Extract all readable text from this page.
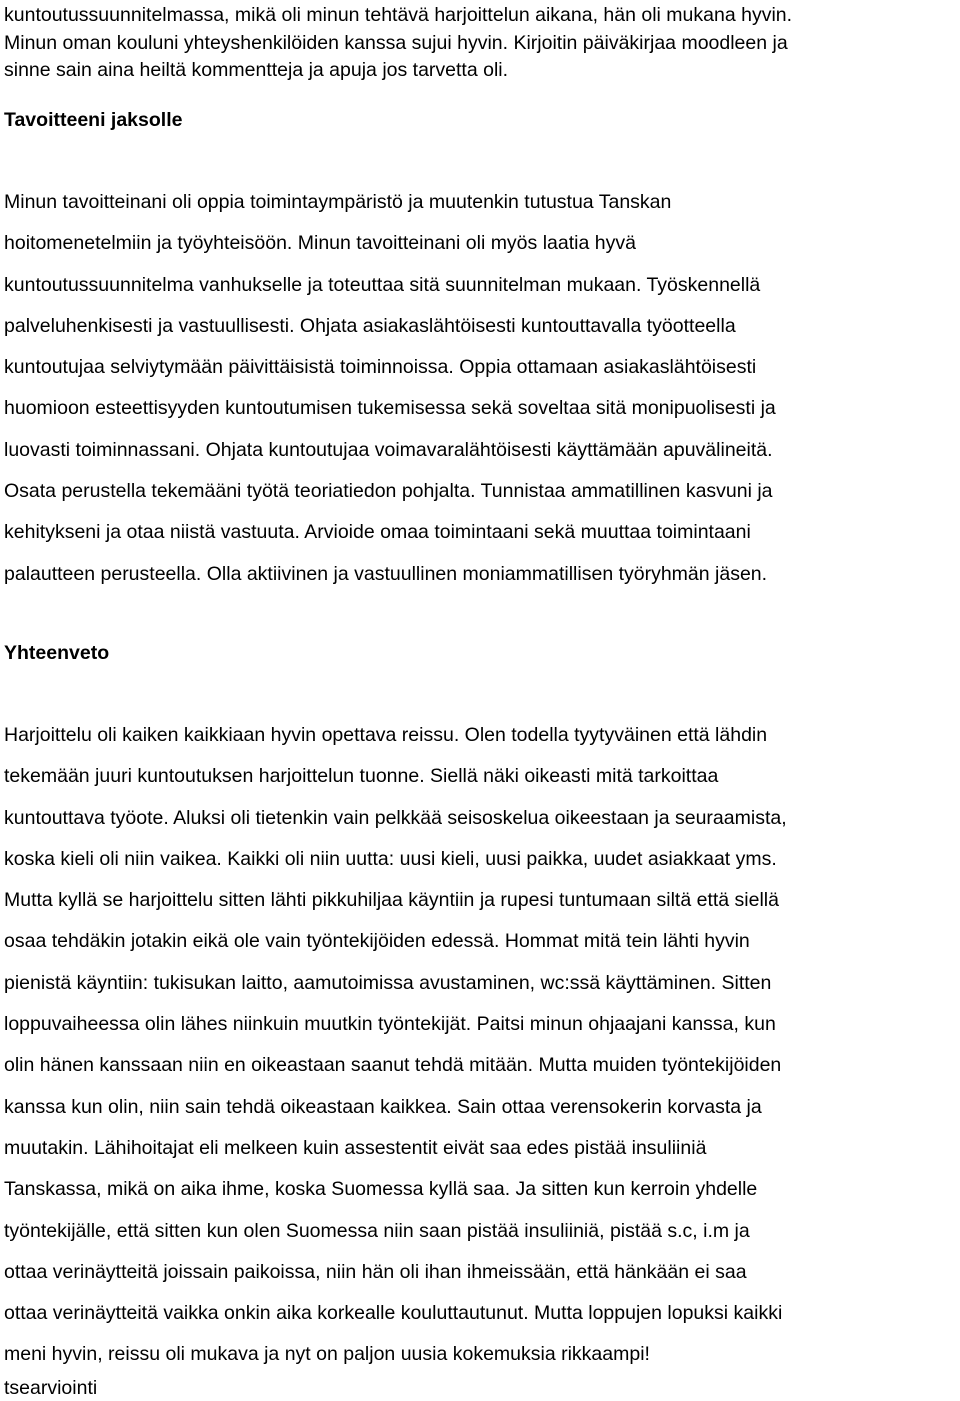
kuntoutussuunnitelmassa, mikä oli minun tehtävä harjoittelun aikana, hän oli mukana hyvin.
Minun oman kouluni yhteyshenkilöiden kanssa sujui hyvin. Kirjoitin päiväkirjaa moodleen ja
sinne sain aina heiltä kommentteja ja apuja jos tarvetta oli.

Tavoitteeni jaksolle

Minun tavoitteinani oli oppia toimintaympäristö ja muutenkin tutustua Tanskan
hoitomenetelmiin ja työyhteisöön. Minun tavoitteinani oli myös laatia hyvä
kuntoutussuunnitelma vanhukselle ja toteuttaa sitä suunnitelman mukaan. Työskennellä
palveluhenkisesti ja vastuullisesti. Ohjata asiakaslähtöisesti kuntouttavalla työotteella
kuntoutujaa selviytymään päivittäisistä toiminnoissa. Oppia ottamaan asiakaslähtöisesti
huomioon esteettisyyden kuntoutumisen tukemisessa sekä soveltaa sitä monipuolisesti ja
luovasti toiminnassani. Ohjata kuntoutujaa voimavaralähtöisesti käyttämään apuvälineitä.
Osata perustella tekemääni työtä teoriatiedon pohjalta. Tunnistaa ammatillinen kasvuni ja
kehitykseni ja otaa niistä vastuuta. Arvioide omaa toimintaani sekä muuttaa toimintaani
palautteen perusteella. Olla aktiivinen ja vastuullinen moniammatillisen työryhmän jäsen.

Yhteenveto

Harjoittelu oli kaiken kaikkiaan hyvin opettava reissu. Olen todella tyytyväinen että lähdin
tekemään juuri kuntoutuksen harjoittelun tuonne. Siellä näki oikeasti mitä tarkoittaa
kuntouttava työote. Aluksi oli tietenkin vain pelkkää seisoskelua oikeestaan ja seuraamista,
koska kieli oli niin vaikea. Kaikki oli niin uutta: uusi kieli, uusi paikka, uudet asiakkaat yms.
Mutta kyllä se harjoittelu sitten lähti pikkuhiljaa käyntiin ja rupesi tuntumaan siltä että siellä
osaa tehdäkin jotakin eikä ole vain työntekijöiden edessä. Hommat mitä tein lähti hyvin
pienistä käyntiin: tukisukan laitto, aamutoimissa avustaminen, wc:ssä käyttäminen. Sitten
loppuvaiheessa olin lähes niinkuin muutkin työntekijät. Paitsi minun ohjaajani kanssa, kun
olin hänen kanssaan niin en oikeastaan saanut tehdä mitään. Mutta muiden työntekijöiden
kanssa kun olin, niin sain tehdä oikeastaan kaikkea. Sain ottaa verensokerin korvasta ja
muutakin. Lähihoitajat eli melkeen kuin assestentit eivät saa edes pistää insuliiniä
Tanskassa, mikä on aika ihme, koska Suomessa kyllä saa. Ja sitten kun kerroin yhdelle
työntekijälle, että sitten kun olen Suomessa niin saan pistää insuliiniä, pistää s.c, i.m ja
ottaa verinäytteitä joissain paikoissa, niin hän oli ihan ihmeissään, että hänkään ei saa
ottaa verinäytteitä vaikka onkin aika korkealle kouluttautunut. Mutta loppujen lopuksi kaikki
meni hyvin, reissu oli mukava ja nyt on paljon uusia kokemuksia rikkaampi!

tsearviointi
